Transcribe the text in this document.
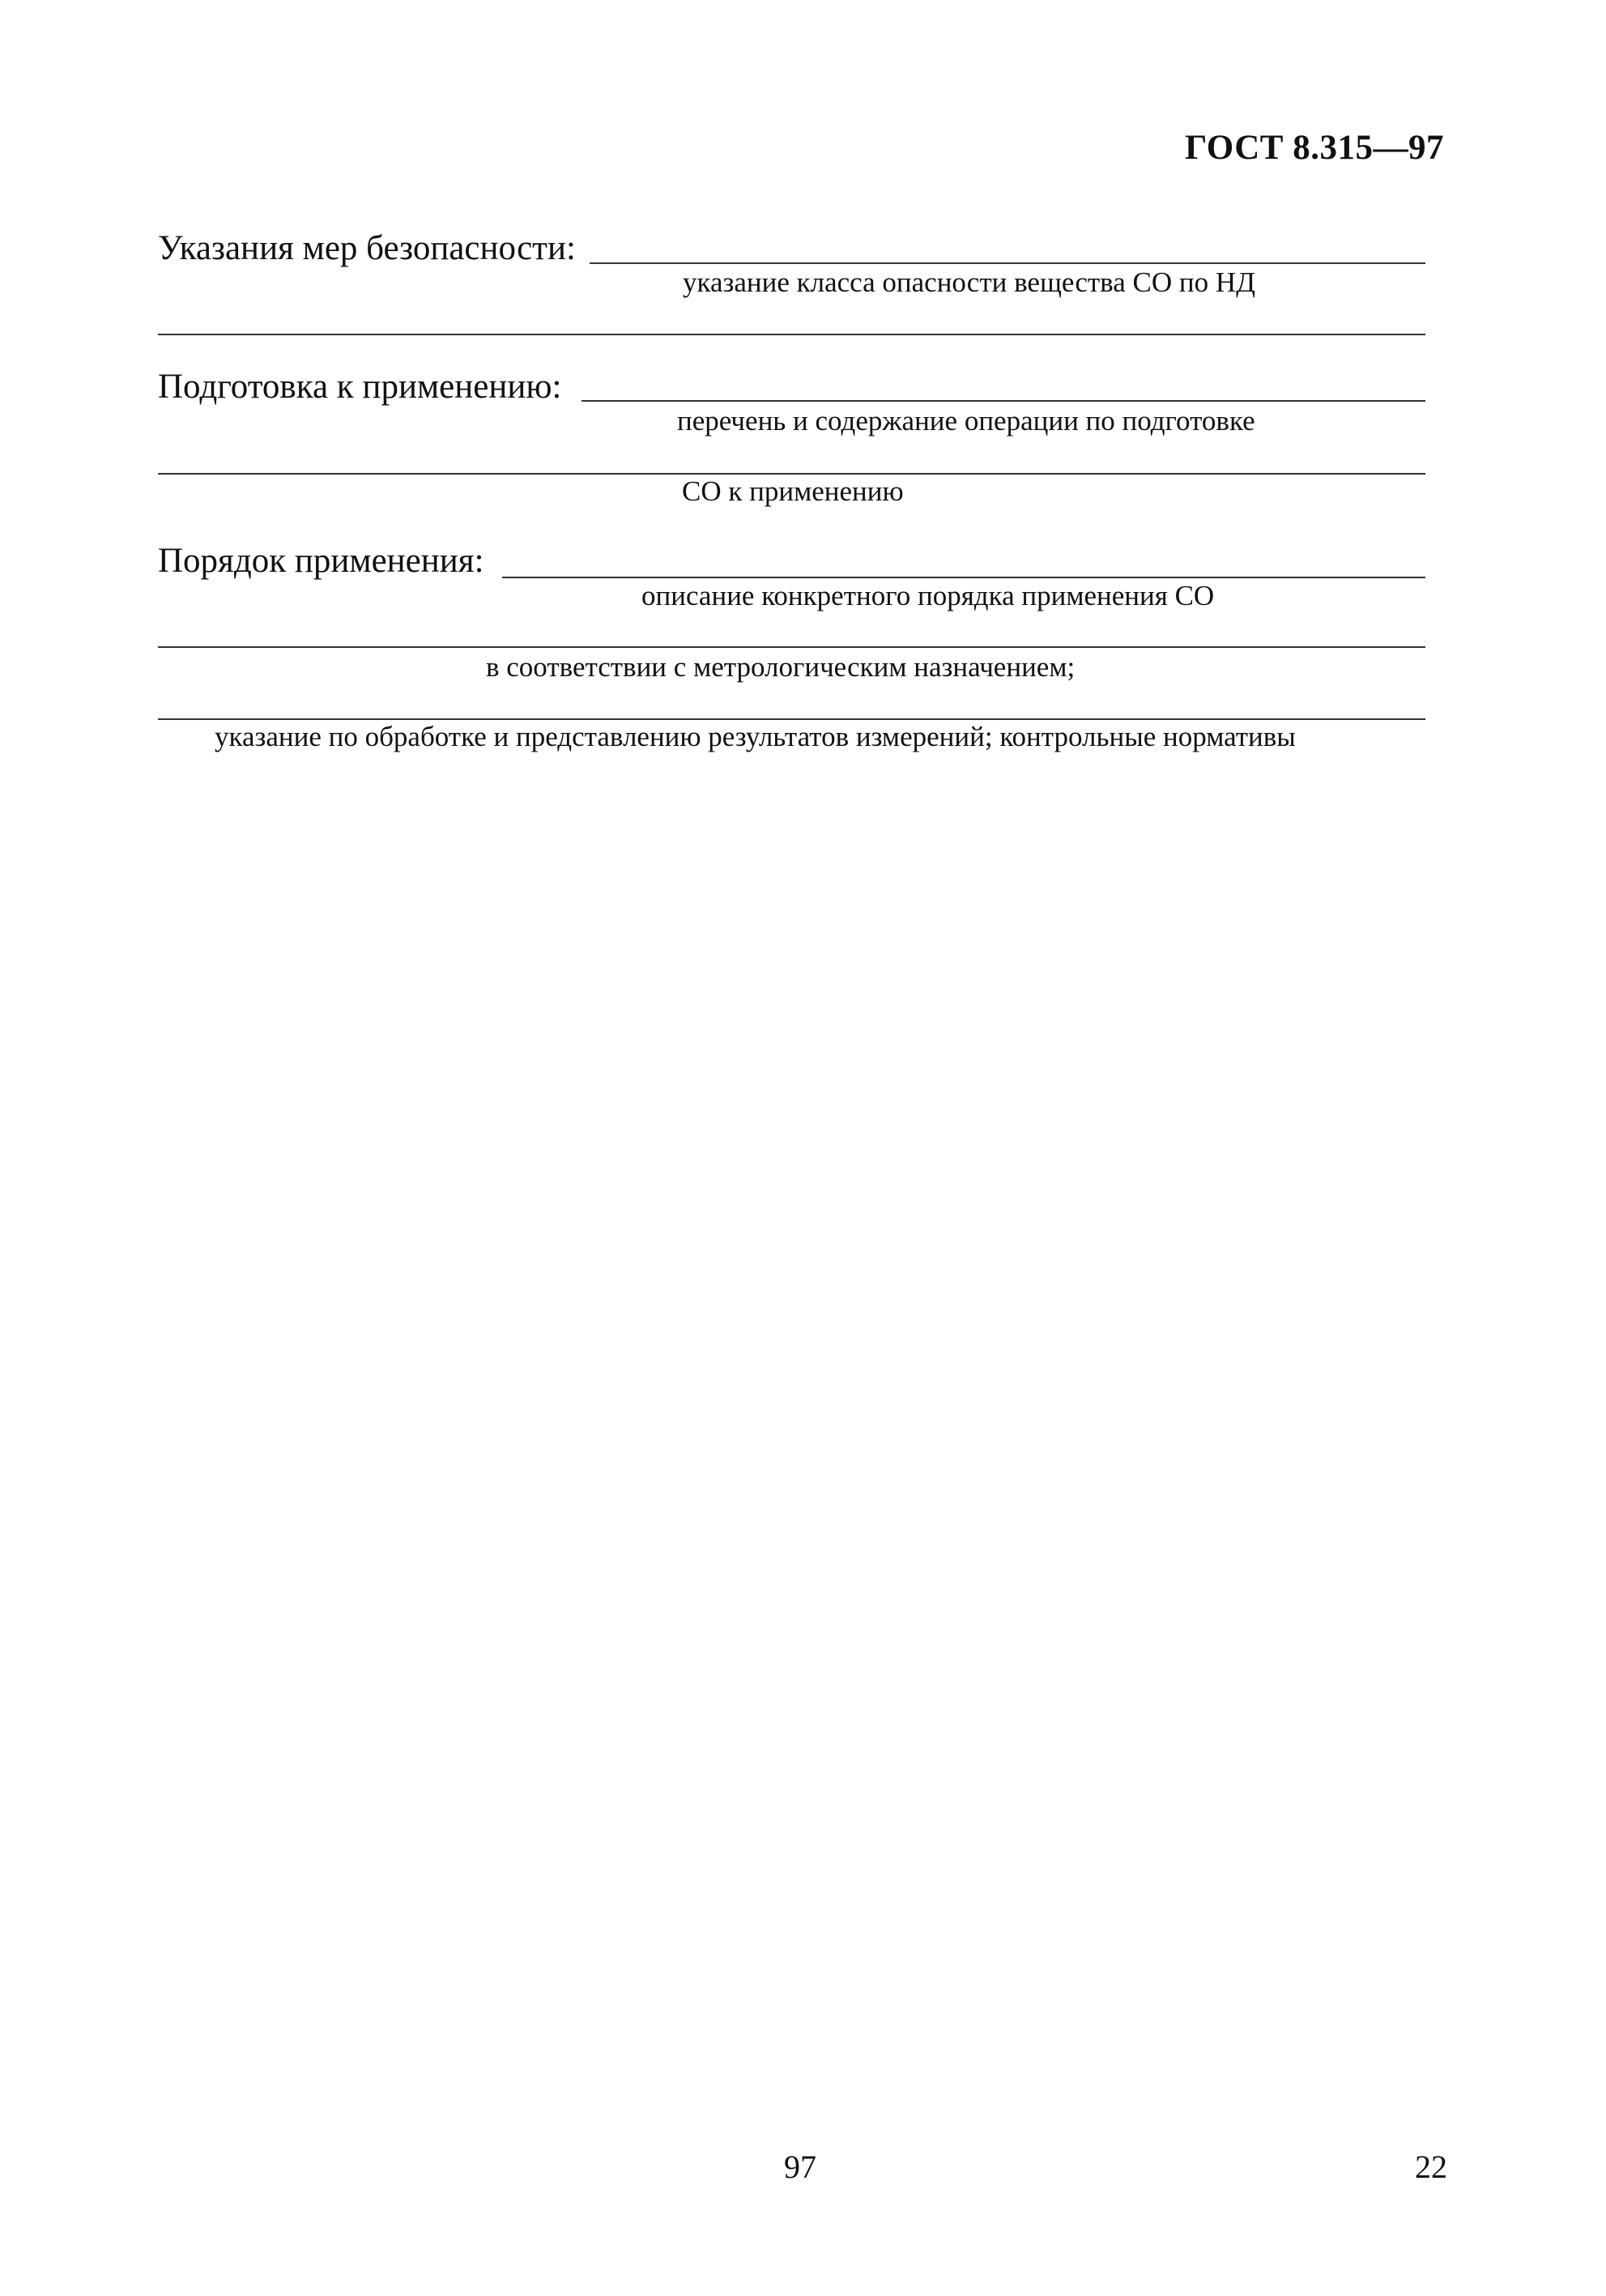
ГОСТ 8.315—97
Указания мер безопасности:
указание класса опасности вещества СО по НД
Подготовка к применению:
перечень и содержание операции по подготовке
СО к применению
Порядок применения:
описание конкретного порядка применения СО
в соответствии с метрологическим назначением;
указание по обработке и представлению результатов измерений; контрольные нормативы
97	22
